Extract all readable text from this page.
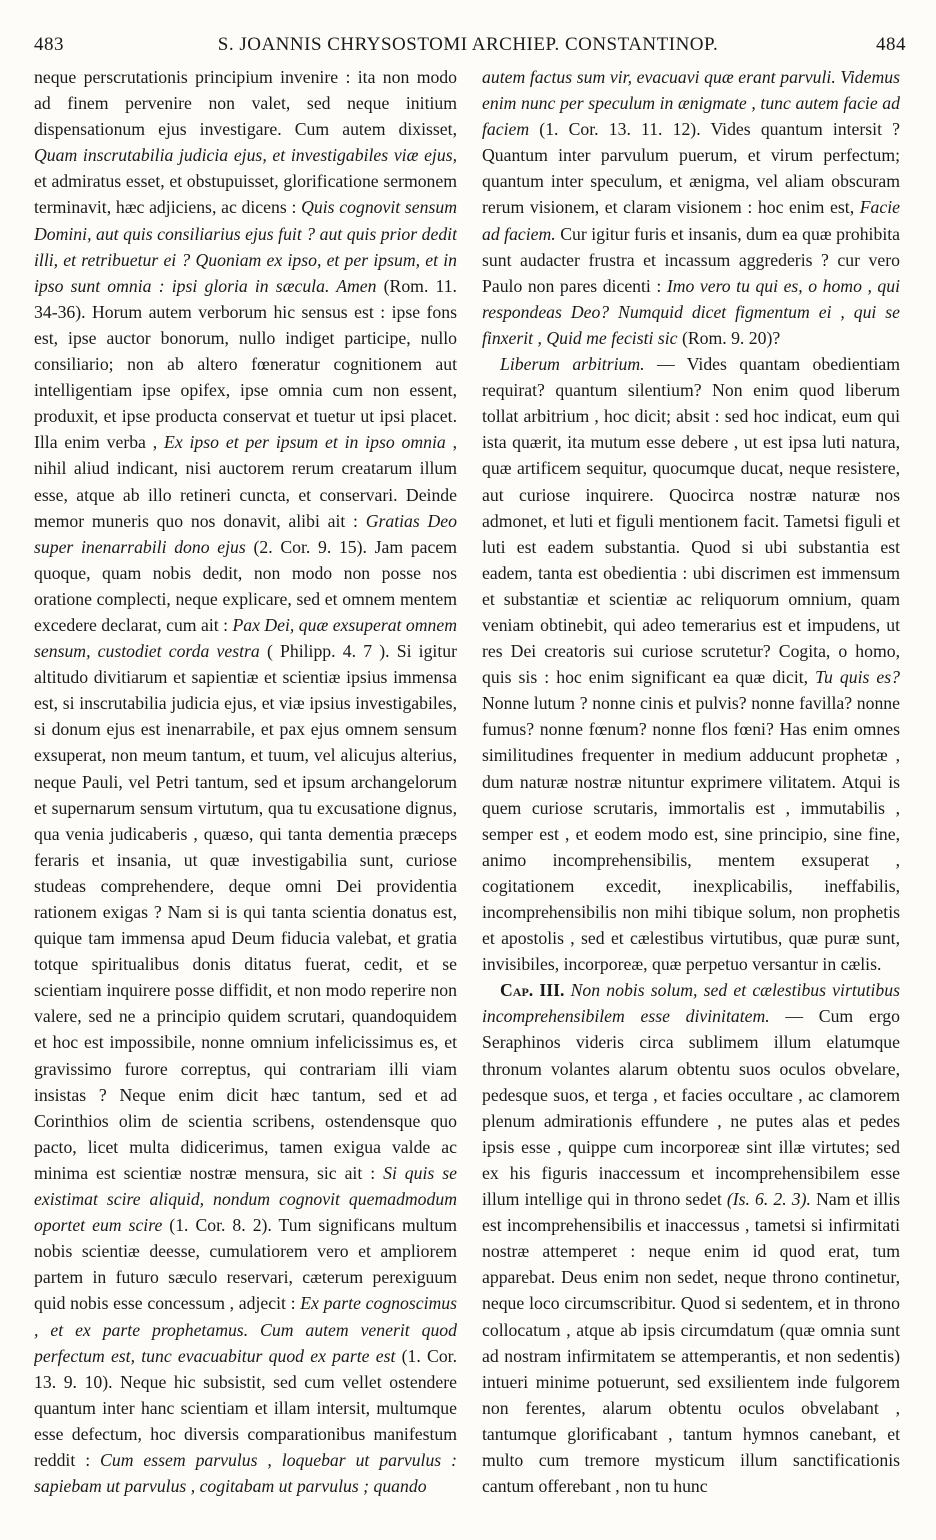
483	S. JOANNIS CHRYSOSTOMI ARCHIEP. CONSTANTINOP.	484

neque perscrutationis principium invenire : ita non modo ad finem pervenire non valet, sed neque initium dispensationum ejus investigare. Cum autem dixisset, Quam inscrutabilia judicia ejus, et investigabiles viæ ejus, et admiratus esset, et obstupuisset, glorificatione sermonem terminavit, hæc adjiciens, ac dicens : Quis cognovit sensum Domini, aut quis consiliarius ejus fuit ? aut quis prior dedit illi, et retribuetur ei ? Quoniam ex ipso, et per ipsum, et in ipso sunt omnia : ipsi gloria in sæcula. Amen (Rom. 11. 34-36). Horum autem verborum hic sensus est : ipse fons est, ipse auctor bonorum, nullo indiget participe, nullo consiliario; non ab altero fœneratur cognitionem aut intelligentiam ipse opifex, ipse omnia cum non essent, produxit, et ipse producta conservat et tuetur ut ipsi placet. Illa enim verba , Ex ipso et per ipsum et in ipso omnia , nihil aliud indicant, nisi auctorem rerum creatarum illum esse, atque ab illo retineri cuncta, et conservari. Deinde memor muneris quo nos donavit, alibi ait : Gratias Deo super inenarrabili dono ejus (2. Cor. 9. 15). Jam pacem quoque, quam nobis dedit, non modo non posse nos oratione complecti, neque explicare, sed et omnem mentem excedere declarat, cum ait : Pax Dei, quæ exsuperat omnem sensum, custodiet corda vestra ( Philipp. 4. 7 ). Si igitur altitudo divitiarum et sapientiæ et scientiæ ipsius immensa est, si inscrutabilia judicia ejus, et viæ ipsius investigabiles, si donum ejus est inenarrabile, et pax ejus omnem sensum exsuperat, non meum tantum, et tuum, vel alicujus alterius, neque Pauli, vel Petri tantum, sed et ipsum archangelorum et supernarum sensum virtutum, qua tu excusatione dignus, qua venia judicaberis , quæso, qui tanta dementia præceps feraris et insania, ut quæ investigabilia sunt, curiose studeas comprehendere, deque omni Dei providentia rationem exigas ? Nam si is qui tanta scientia donatus est, quique tam immensa apud Deum fiducia valebat, et gratia totque spiritualibus donis ditatus fuerat, cedit, et se scientiam inquirere posse diffidit, et non modo reperire non valere, sed ne a principio quidem scrutari, quandoquidem et hoc est impossibile, nonne omnium infelicissimus es, et gravissimo furore correptus, qui contrariam illi viam insistas ? Neque enim dicit hæc tantum, sed et ad Corinthios olim de scientia scribens, ostendensque quo pacto, licet multa didicerimus, tamen exigua valde ac minima est scientiæ nostræ mensura, sic ait : Si quis se existimat scire aliquid, nondum cognovit quemadmodum oportet eum scire (1. Cor. 8. 2). Tum significans multum nobis scientiæ deesse, cumulatiorem vero et ampliorem partem in futuro sæculo reservari, cæterum perexiguum quid nobis esse concessum , adjecit : Ex parte cognoscimus , et ex parte prophetamus. Cum autem venerit quod perfectum est, tunc evacuabitur quod ex parte est (1. Cor. 13. 9. 10). Neque hic subsistit, sed cum vellet ostendere quantum inter hanc scientiam et illam intersit, multumque esse defectum, hoc diversis comparationibus manifestum reddit : Cum essem parvulus , loquebar ut parvulus : sapiebam ut parvulus , cogitabam ut parvulus ; quando

autem factus sum vir, evacuavi quæ erant parvuli. Videmus enim nunc per speculum in ænigmate , tunc autem facie ad faciem (1. Cor. 13. 11. 12). Vides quantum intersit ? Quantum inter parvulum puerum, et virum perfectum; quantum inter speculum, et ænigma, vel aliam obscuram rerum visionem, et claram visionem : hoc enim est, Facie ad faciem. Cur igitur furis et insanis, dum ea quæ prohibita sunt audacter frustra et incassum aggrederis ? cur vero Paulo non pares dicenti : Imo vero tu qui es, o homo , qui respondeas Deo? Numquid dicet figmentum ei , qui se finxerit , Quid me fecisti sic (Rom. 9. 20)?

Liberum arbitrium. — Vides quantam obedientiam requirat? quantum silentium? Non enim quod liberum tollat arbitrium , hoc dicit; absit : sed hoc indicat, eum qui ista quærit, ita mutum esse debere , ut est ipsa luti natura, quæ artificem sequitur, quocumque ducat, neque resistere, aut curiose inquirere. Quocirca nostræ naturæ nos admonet, et luti et figuli mentionem facit. Tametsi figuli et luti est eadem substantia. Quod si ubi substantia est eadem, tanta est obedientia : ubi discrimen est immensum et substantiæ et scientiæ ac reliquorum omnium, quam veniam obtinebit, qui adeo temerarius est et impudens, ut res Dei creatoris sui curiose scrutetur? Cogita, o homo, quis sis : hoc enim significant ea quæ dicit, Tu quis es? Nonne lutum ? nonne cinis et pulvis? nonne favilla? nonne fumus? nonne fœnum? nonne flos fœni? Has enim omnes similitudines frequenter in medium adducunt prophetæ , dum naturæ nostræ nituntur exprimere vilitatem. Atqui is quem curiose scrutaris, immortalis est , immutabilis , semper est , et eodem modo est, sine principio, sine fine, animo incomprehensibilis, mentem exsuperat , cogitationem excedit, inexplicabilis, ineffabilis, incomprehensibilis non mihi tibique solum, non prophetis et apostolis , sed et cælestibus virtutibus, quæ puræ sunt, invisibiles, incorporeæ, quæ perpetuo versantur in cælis.

Cap. III. Non nobis solum, sed et cælestibus virtutibus incomprehensibilem esse divinitatem. — Cum ergo Seraphinos videris circa sublimem illum elatumque thronum volantes alarum obtentu suos oculos obvelare, pedesque suos, et terga , et facies occultare , ac clamorem plenum admirationis effundere , ne putes alas et pedes ipsis esse , quippe cum incorporeæ sint illæ virtutes; sed ex his figuris inaccessum et incomprehensibilem esse illum intellige qui in throno sedet (Is. 6. 2. 3). Nam et illis est incomprehensibilis et inaccessus , tametsi si infirmitati nostræ attemperet : neque enim id quod erat, tum apparebat. Deus enim non sedet, neque throno continetur, neque loco circumscribitur. Quod si sedentem, et in throno collocatum , atque ab ipsis circumdatum (quæ omnia sunt ad nostram infirmitatem se attemperantis, et non sedentis) intueri minime potuerunt, sed exsilientem inde fulgorem non ferentes, alarum obtentu oculos obvelabant , tantumque glorificabant , tantum hymnos canebant, et multo cum tremore mysticum illum sanctificationis cantum offerebant , non tu hunc
